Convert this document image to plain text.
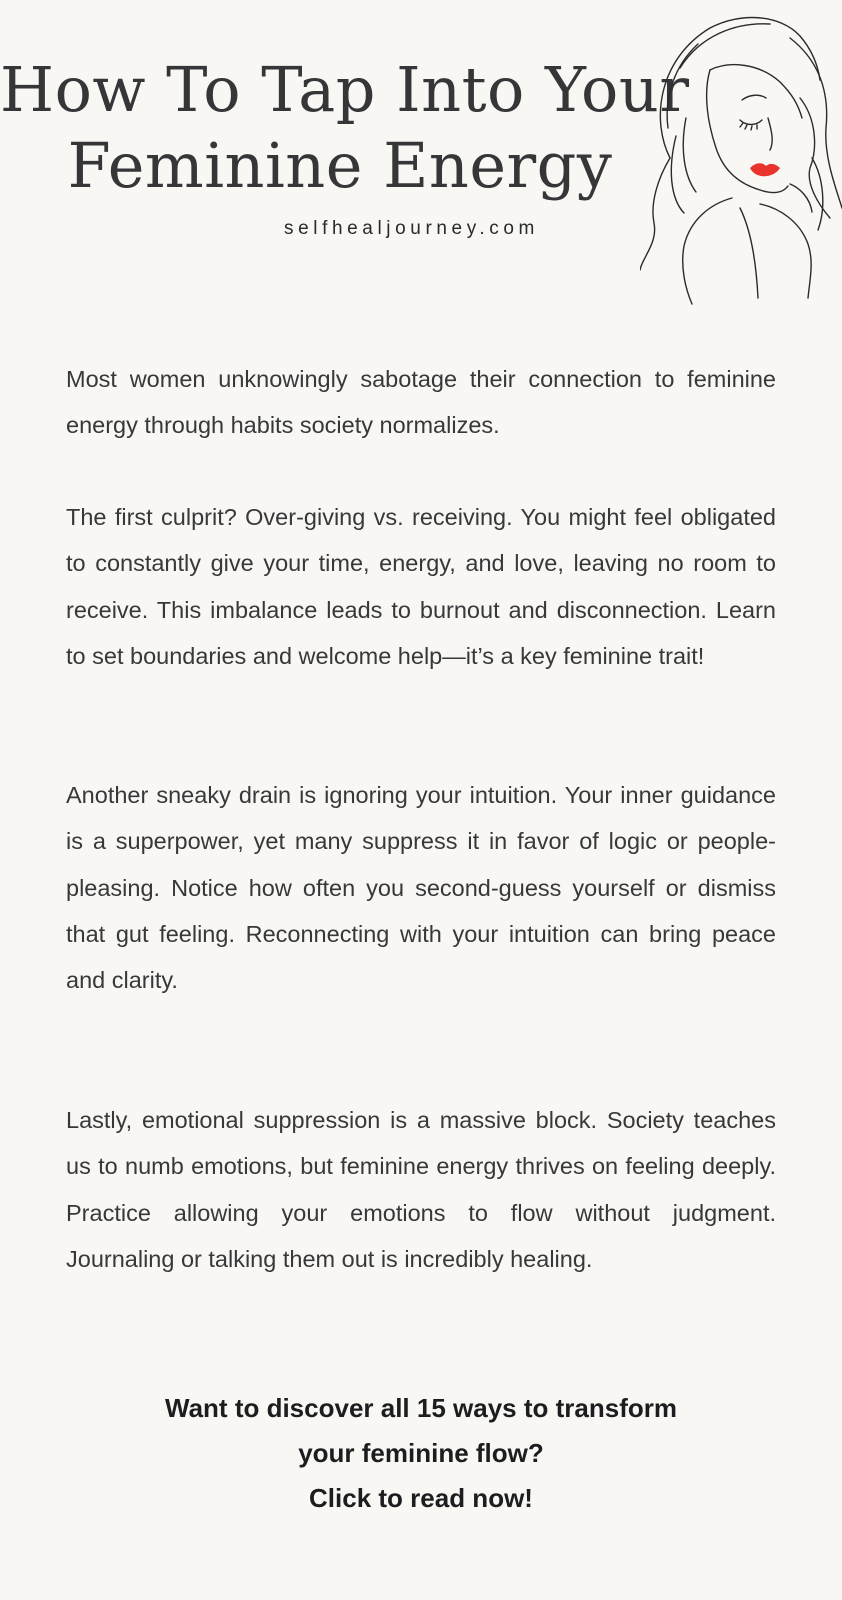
How To Tap Into Your
Feminine Energy
selfhealjourney.com

Most women unknowingly sabotage their connection to feminine energy through habits society normalizes.

The first culprit? Over-giving vs. receiving. You might feel obligated to constantly give your time, energy, and love, leaving no room to receive. This imbalance leads to burnout and disconnection. Learn to set boundaries and welcome help—it’s a key feminine trait!

Another sneaky drain is ignoring your intuition. Your inner guidance is a superpower, yet many suppress it in favor of logic or people-pleasing. Notice how often you second-guess yourself or dismiss that gut feeling. Reconnecting with your intuition can bring peace and clarity.

Lastly, emotional suppression is a massive block. Society teaches us to numb emotions, but feminine energy thrives on feeling deeply. Practice allowing your emotions to flow without judgment. Journaling or talking them out is incredibly healing.

Want to discover all 15 ways to transform
your feminine flow?
Click to read now!
